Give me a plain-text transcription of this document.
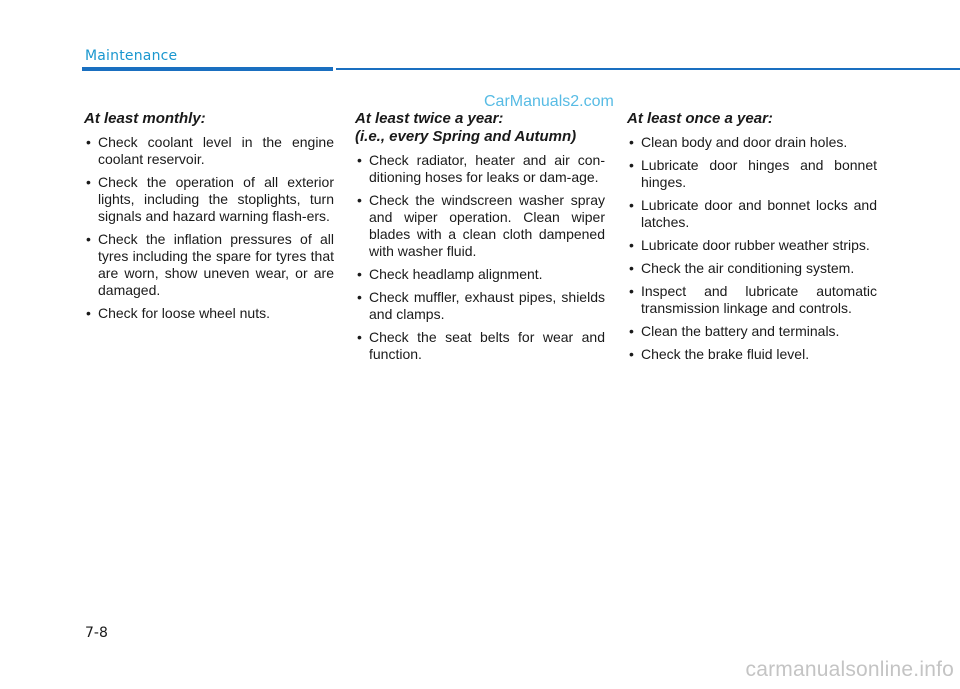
Maintenance
CarManuals2.com
At least monthly:
• Check coolant level in the engine coolant reservoir.
• Check the operation of all exterior lights, including the stoplights, turn signals and hazard warning flash-ers.
• Check the inflation pressures of all tyres including the spare for tyres that are worn, show uneven wear, or are damaged.
• Check for loose wheel nuts.
At least twice a year:
(i.e., every Spring and Autumn)
• Check radiator, heater and air con-ditioning hoses for leaks or dam-age.
• Check the windscreen washer spray and wiper operation. Clean wiper blades with a clean cloth dampened with washer fluid.
• Check headlamp alignment.
• Check muffler, exhaust pipes, shields and clamps.
• Check the seat belts for wear and function.
At least once a year:
• Clean body and door drain holes.
• Lubricate door hinges and bonnet hinges.
• Lubricate door and bonnet locks and latches.
• Lubricate door rubber weather strips.
• Check the air conditioning system.
• Inspect and lubricate automatic transmission linkage and controls.
• Clean the battery and terminals.
• Check the brake fluid level.
7-8
carmanualsonline.info
